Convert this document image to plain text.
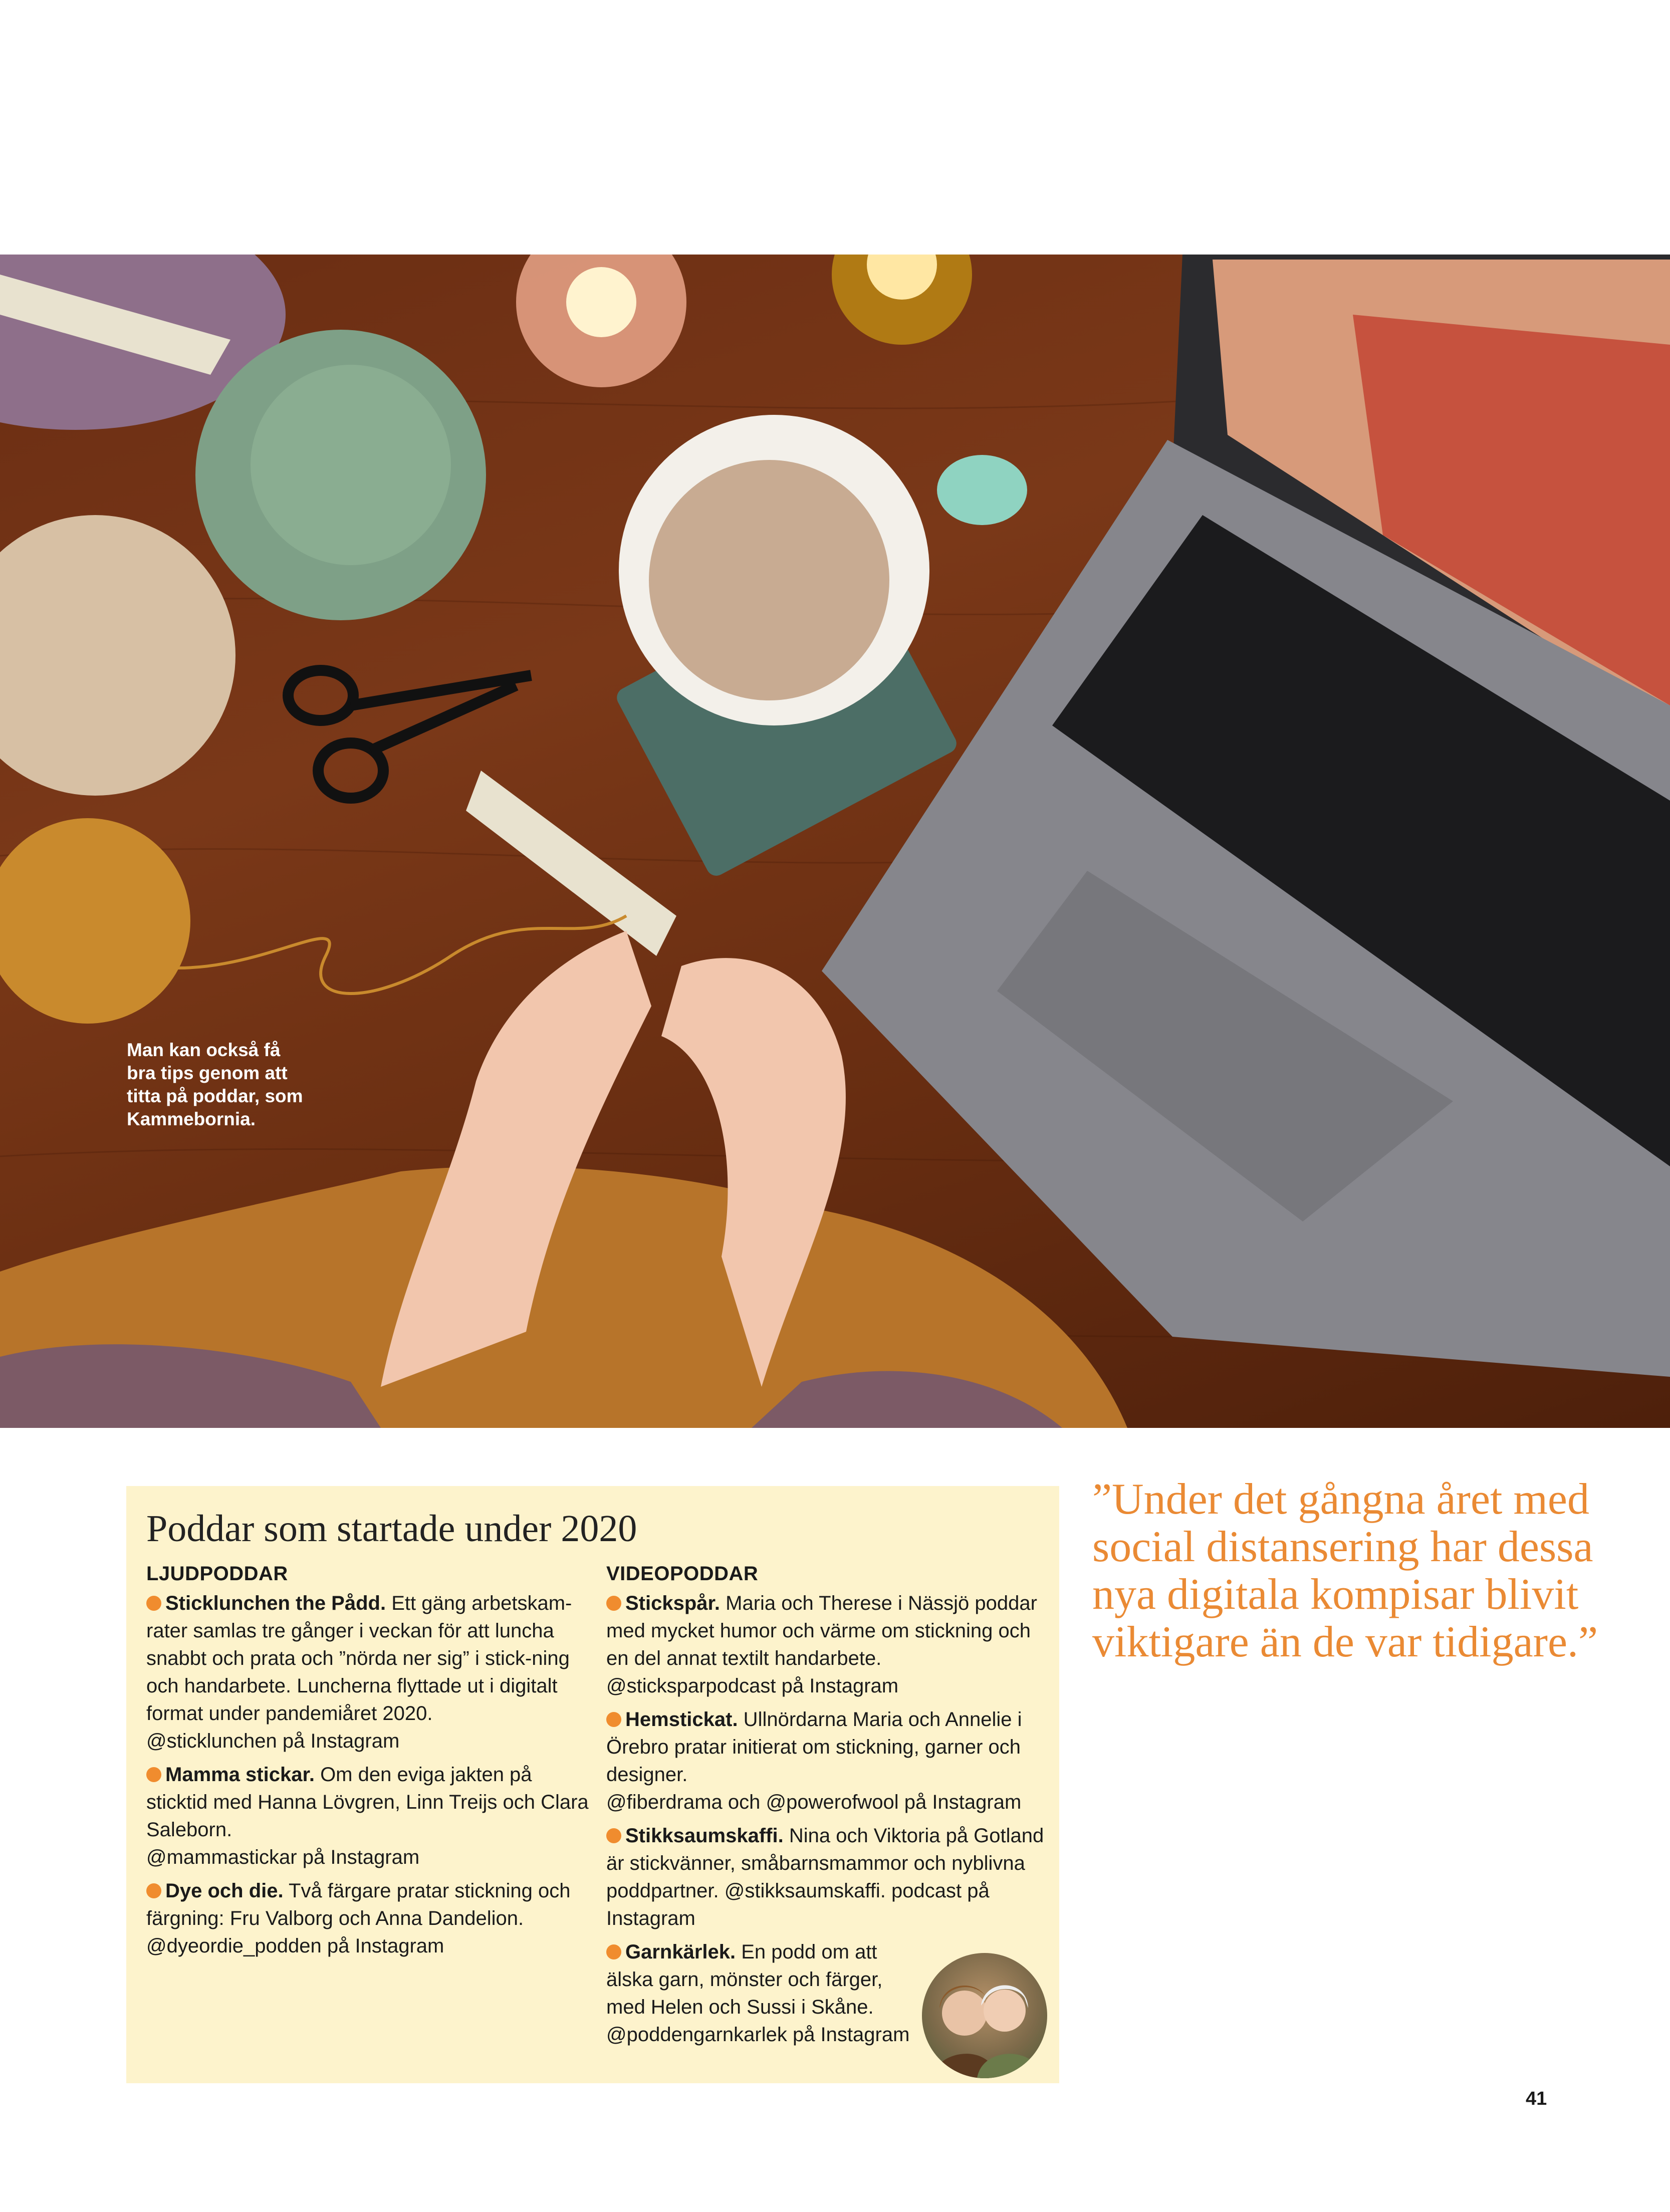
Man kan också få bra tips genom att titta på poddar, som Kammebornia.
Poddar som startade under 2020
LJUDPODDAR
Sticklunchen the Pådd. Ett gäng arbetskam-rater samlas tre gånger i veckan för att luncha snabbt och prata och ”nörda ner sig” i stick-ning och handarbete. Luncherna flyttade ut i digitalt format under pandemiåret 2020.
@sticklunchen på Instagram
Mamma stickar. Om den eviga jakten på sticktid med Hanna Lövgren, Linn Treijs och Clara Saleborn.
@mammastickar på Instagram
Dye och die. Två färgare pratar stickning och färgning: Fru Valborg och Anna Dandelion.
@dyeordie_podden på Instagram
VIDEOPODDAR
Stickspår. Maria och Therese i Nässjö poddar med mycket humor och värme om stickning och en del annat textilt handarbete.
@sticksparpodcast på Instagram
Hemstickat. Ullnördarna Maria och Annelie i Örebro pratar initierat om stickning, garner och designer.
@fiberdrama och @powerofwool på Instagram
Stikksaumskaffi. Nina och Viktoria på Gotland är stickvänner, småbarnsmammor och nyblivna poddpartner. @stikksaumskaffi. podcast på Instagram
Garnkärlek. En podd om att älska garn, mönster och färger, med Helen och Sussi i Skåne.
@poddengarnkarlek på Instagram
”Under det gångna året med social distansering har dessa nya digitala kompisar blivit viktigare än de var tidigare.”
41
